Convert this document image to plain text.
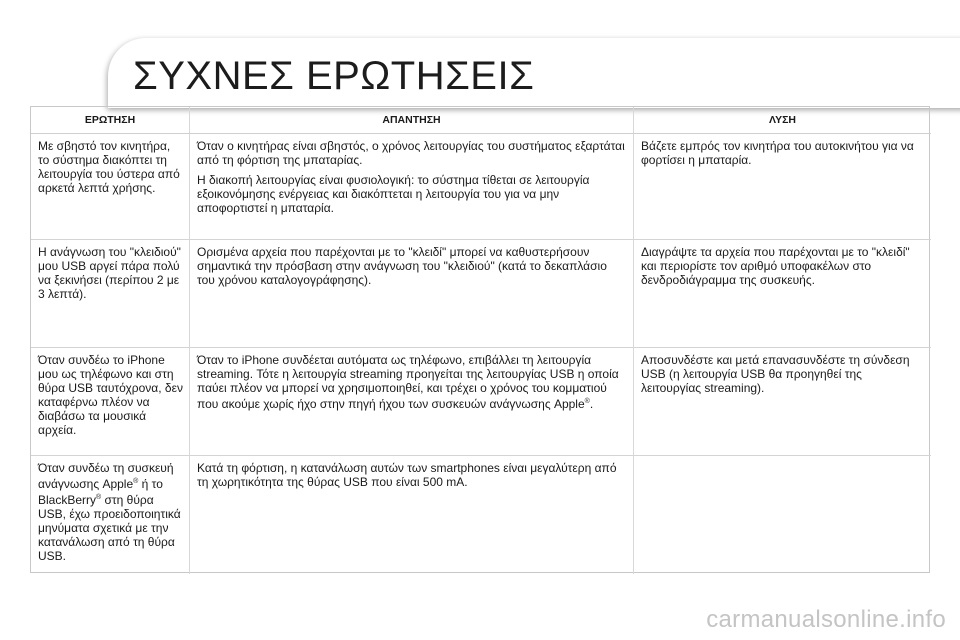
ΣΥΧΝΕΣ ΕΡΩΤΗΣΕΙΣ
ΕΡΩΤΗΣΗ	ΑΠΑΝΤΗΣΗ	ΛΥΣΗ
Με σβηστό τον κινητήρα, το σύστημα διακόπτει τη λειτουργία του ύστερα από αρκετά λεπτά χρήσης.

Όταν ο κινητήρας είναι σβηστός, ο χρόνος λειτουργίας του συστήματος εξαρτάται από τη φόρτιση της μπαταρίας.

Η διακοπή λειτουργίας είναι φυσιολογική: το σύστημα τίθεται σε λειτουργία εξοικονόμησης ενέργειας και διακόπτεται η λειτουργία του για να μην αποφορτιστεί η μπαταρία.

Βάζετε εμπρός τον κινητήρα του αυτοκινήτου για να φορτίσει η μπαταρία.
Η ανάγνωση του "κλειδιού" μου USB αργεί πάρα πολύ να ξεκινήσει (περίπου 2 με 3 λεπτά).

Ορισμένα αρχεία που παρέχονται με το "κλειδί" μπορεί να καθυστερήσουν σημαντικά την πρόσβαση στην ανάγνωση του "κλειδιού" (κατά το δεκαπλάσιο του χρόνου καταλογογράφησης).

Διαγράψτε τα αρχεία που παρέχονται με το "κλειδί" και περιορίστε τον αριθμό υποφακέλων στο δενδροδιάγραμμα της συσκευής.
Όταν συνδέω το iPhone μου ως τηλέφωνο και στη θύρα USB ταυτόχρονα, δεν καταφέρνω πλέον να διαβάσω τα μουσικά αρχεία.

Όταν το iPhone συνδέεται αυτόματα ως τηλέφωνο, επιβάλλει τη λειτουργία streaming. Τότε η λειτουργία streaming προηγείται της λειτουργίας USB η οποία παύει πλέον να μπορεί να χρησιμοποιηθεί, και τρέχει ο χρόνος του κομματιού που ακούμε χωρίς ήχο στην πηγή ήχου των συσκευών ανάγνωσης Apple®.

Αποσυνδέστε και μετά επανασυνδέστε τη σύνδεση USB (η λειτουργία USB θα προηγηθεί της λειτουργίας streaming).
Όταν συνδέω τη συσκευή ανάγνωσης Apple® ή το BlackBerry® στη θύρα USB, έχω προειδοποιητικά μηνύματα σχετικά με την κατανάλωση από τη θύρα USB.

Κατά τη φόρτιση, η κατανάλωση αυτών των smartphones είναι μεγαλύτερη από τη χωρητικότητα της θύρας USB που είναι 500 mA.

carmanualsonline.info
